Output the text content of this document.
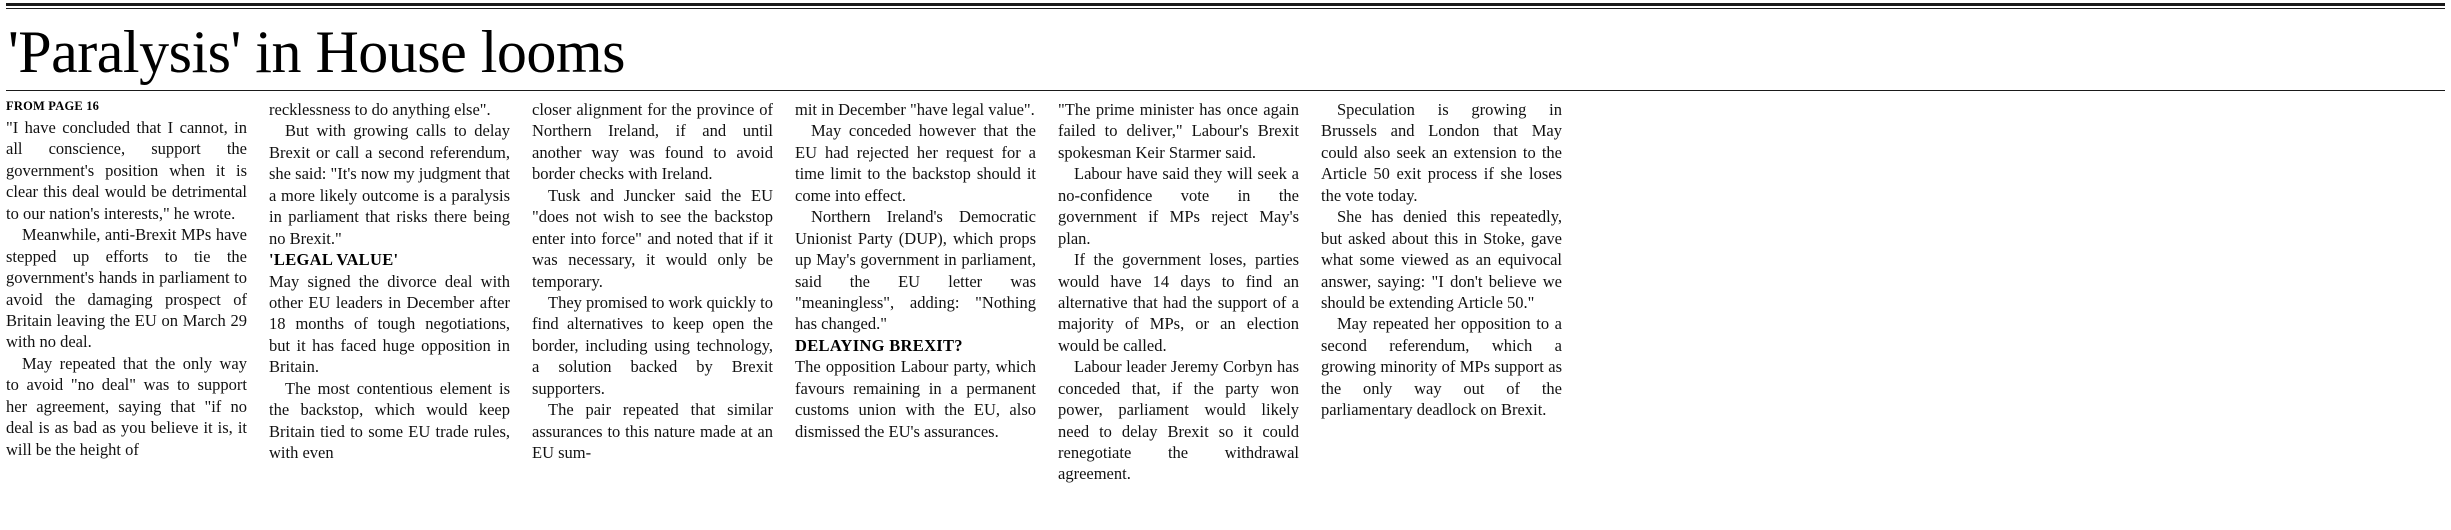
'Paralysis' in House looms

FROM PAGE 16

"I have concluded that I cannot, in all conscience, support the government's position when it is clear this deal would be detrimental to our nation's interests," he wrote.

Meanwhile, anti-Brexit MPs have stepped up efforts to tie the government's hands in parliament to avoid the damaging prospect of Britain leaving the EU on March 29 with no deal.

May repeated that the only way to avoid "no deal" was to support her agreement, saying that "if no deal is as bad as you believe it is, it will be the height of

recklessness to do anything else".

But with growing calls to delay Brexit or call a second referendum, she said: "It's now my judgment that a more likely outcome is a paralysis in parliament that risks there being no Brexit."

'LEGAL VALUE'

May signed the divorce deal with other EU leaders in December after 18 months of tough negotiations, but it has faced huge opposition in Britain.

The most contentious element is the backstop, which would keep Britain tied to some EU trade rules, with even

closer alignment for the province of Northern Ireland, if and until another way was found to avoid border checks with Ireland.

Tusk and Juncker said the EU "does not wish to see the backstop enter into force" and noted that if it was necessary, it would only be temporary.

They promised to work quickly to find alternatives to keep open the border, including using technology, a solution backed by Brexit supporters.

The pair repeated that similar assurances to this nature made at an EU sum-

mit in December "have legal value".

May conceded however that the EU had rejected her request for a time limit to the backstop should it come into effect.

Northern Ireland's Democratic Unionist Party (DUP), which props up May's government in parliament, said the EU letter was "meaningless", adding: "Nothing has changed."

DELAYING BREXIT?

The opposition Labour party, which favours remaining in a permanent customs union with the EU, also dismissed the EU's assurances.

"The prime minister has once again failed to deliver," Labour's Brexit spokesman Keir Starmer said.

Labour have said they will seek a no-confidence vote in the government if MPs reject May's plan.

If the government loses, parties would have 14 days to find an alternative that had the support of a majority of MPs, or an election would be called.

Labour leader Jeremy Corbyn has conceded that, if the party won power, parliament would likely need to delay Brexit so it could renegotiate the withdrawal agreement.

Speculation is growing in Brussels and London that May could also seek an extension to the Article 50 exit process if she loses the vote today.

She has denied this repeatedly, but asked about this in Stoke, gave what some viewed as an equivocal answer, saying: "I don't believe we should be extending Article 50."

May repeated her opposition to a second referendum, which a growing minority of MPs support as the only way out of the parliamentary deadlock on Brexit.
